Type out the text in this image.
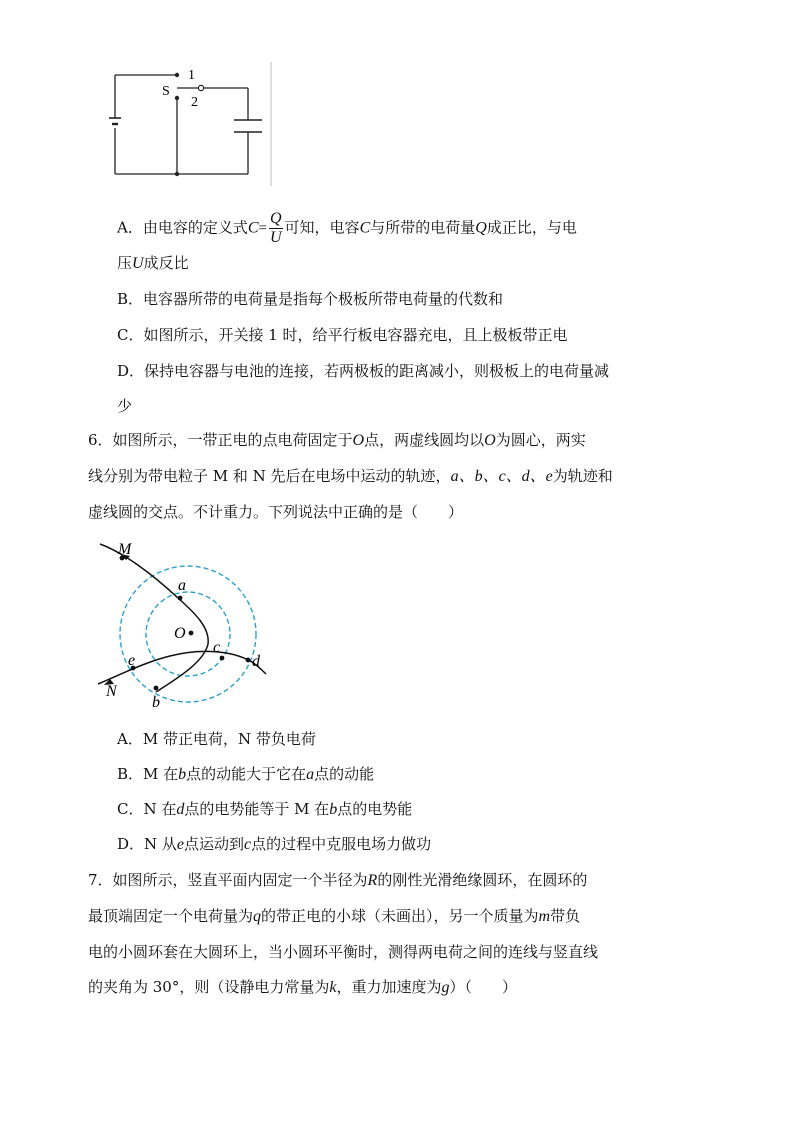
S
1
2
A．由电容的定义式$C= \frac{Q}{U}$ 可知，电容C与所带的电荷量Q成正比，与电
压U成反比
B．电容器所带的电荷量是指每个极板所带电荷量的代数和
C．如图所示，开关接 1 时，给平行板电容器充电，且上极板带正电
D．保持电容器与电池的连接，若两极板的距离减小，则极板上的电荷量减
少
6．如图所示，一带正电的点电荷固定于O点，两虚线圆均以O为圆心，两实
线分别为带电粒子 M 和 N 先后在电场中运动的轨迹，a、b、c、d、e为轨迹和
虚线圆的交点。不计重力。下列说法中正确的是（　　）
M
a
O
c
d
e
N
b
A．M 带正电荷，N 带负电荷
B．M 在b点的动能大于它在a点的动能
C．N 在d点的电势能等于 M 在b点的电势能
D．N 从e点运动到c点的过程中克服电场力做功
7．如图所示，竖直平面内固定一个半径为R的刚性光滑绝缘圆环，在圆环的
最顶端固定一个电荷量为q的带正电的小球（未画出），另一个质量为m带负
电的小圆环套在大圆环上，当小圆环平衡时，测得两电荷之间的连线与竖直线
的夹角为 30°，则（设静电力常量为k，重力加速度为g）（　　）
